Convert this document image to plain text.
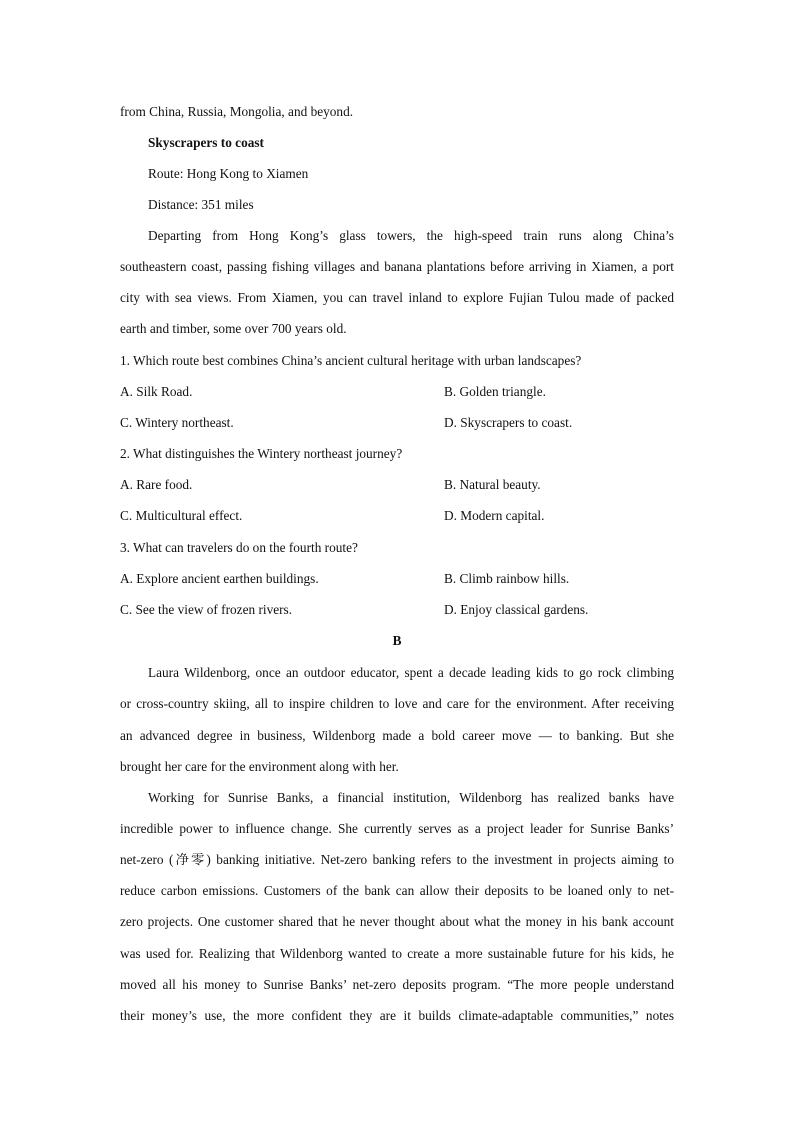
from China, Russia, Mongolia, and beyond.
Skyscrapers to coast
Route: Hong Kong to Xiamen
Distance: 351 miles
Departing from Hong Kong’s glass towers, the high-speed train runs along China’s
southeastern coast, passing fishing villages and banana plantations before arriving in Xiamen, a port
city with sea views. From Xiamen, you can travel inland to explore Fujian Tulou made of packed
earth and timber, some over 700 years old.
1. Which route best combines China’s ancient cultural heritage with urban landscapes?
A. Silk Road.	B. Golden triangle.
C. Wintery northeast.	D. Skyscrapers to coast.
2. What distinguishes the Wintery northeast journey?
A. Rare food.	B. Natural beauty.
C. Multicultural effect.	D. Modern capital.
3. What can travelers do on the fourth route?
A. Explore ancient earthen buildings.	B. Climb rainbow hills.
C. See the view of frozen rivers.	D. Enjoy classical gardens.
B
Laura Wildenborg, once an outdoor educator, spent a decade leading kids to go rock climbing
or cross-country skiing, all to inspire children to love and care for the environment. After receiving
an advanced degree in business, Wildenborg made a bold career move — to banking. But she
brought her care for the environment along with her.
Working for Sunrise Banks, a financial institution, Wildenborg has realized banks have
incredible power to influence change. She currently serves as a project leader for Sunrise Banks’
net-zero (净零) banking initiative. Net-zero banking refers to the investment in projects aiming to
reduce carbon emissions. Customers of the bank can allow their deposits to be loaned only to net-
zero projects. One customer shared that he never thought about what the money in his bank account
was used for. Realizing that Wildenborg wanted to create a more sustainable future for his kids, he
moved all his money to Sunrise Banks’ net-zero deposits program. “The more people understand
their money’s use, the more confident they are it builds climate-adaptable communities,” notes
